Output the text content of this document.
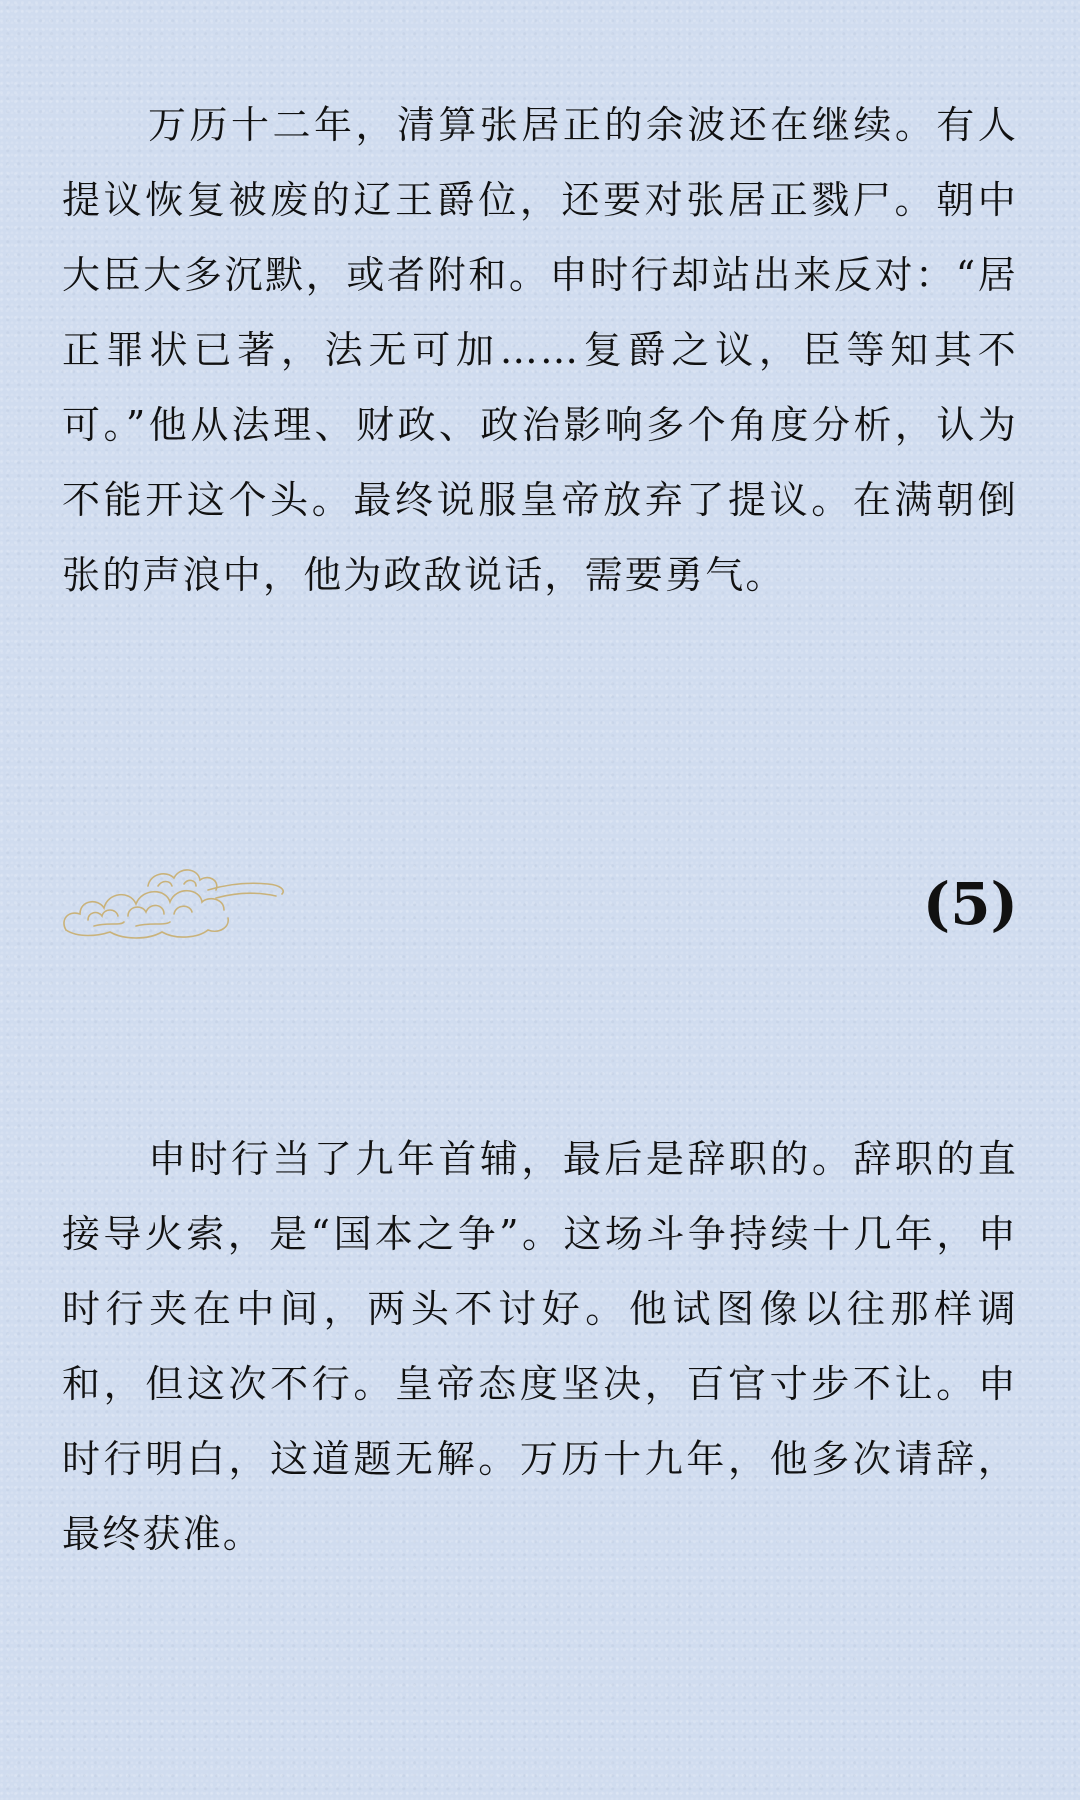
万历十二年，清算张居正的余波还在继续。有人提议恢复被废的辽王爵位，还要对张居正戮尸。朝中大臣大多沉默，或者附和。申时行却站出来反对：“居正罪状已著，法无可加……复爵之议，臣等知其不可。”他从法理、财政、政治影响多个角度分析，认为不能开这个头。最终说服皇帝放弃了提议。在满朝倒张的声浪中，他为政敌说话，需要勇气。

(5)

申时行当了九年首辅，最后是辞职的。辞职的直接导火索，是“国本之争”。这场斗争持续十几年，申时行夹在中间，两头不讨好。他试图像以往那样调和，但这次不行。皇帝态度坚决，百官寸步不让。申时行明白，这道题无解。万历十九年，他多次请辞，最终获准。
